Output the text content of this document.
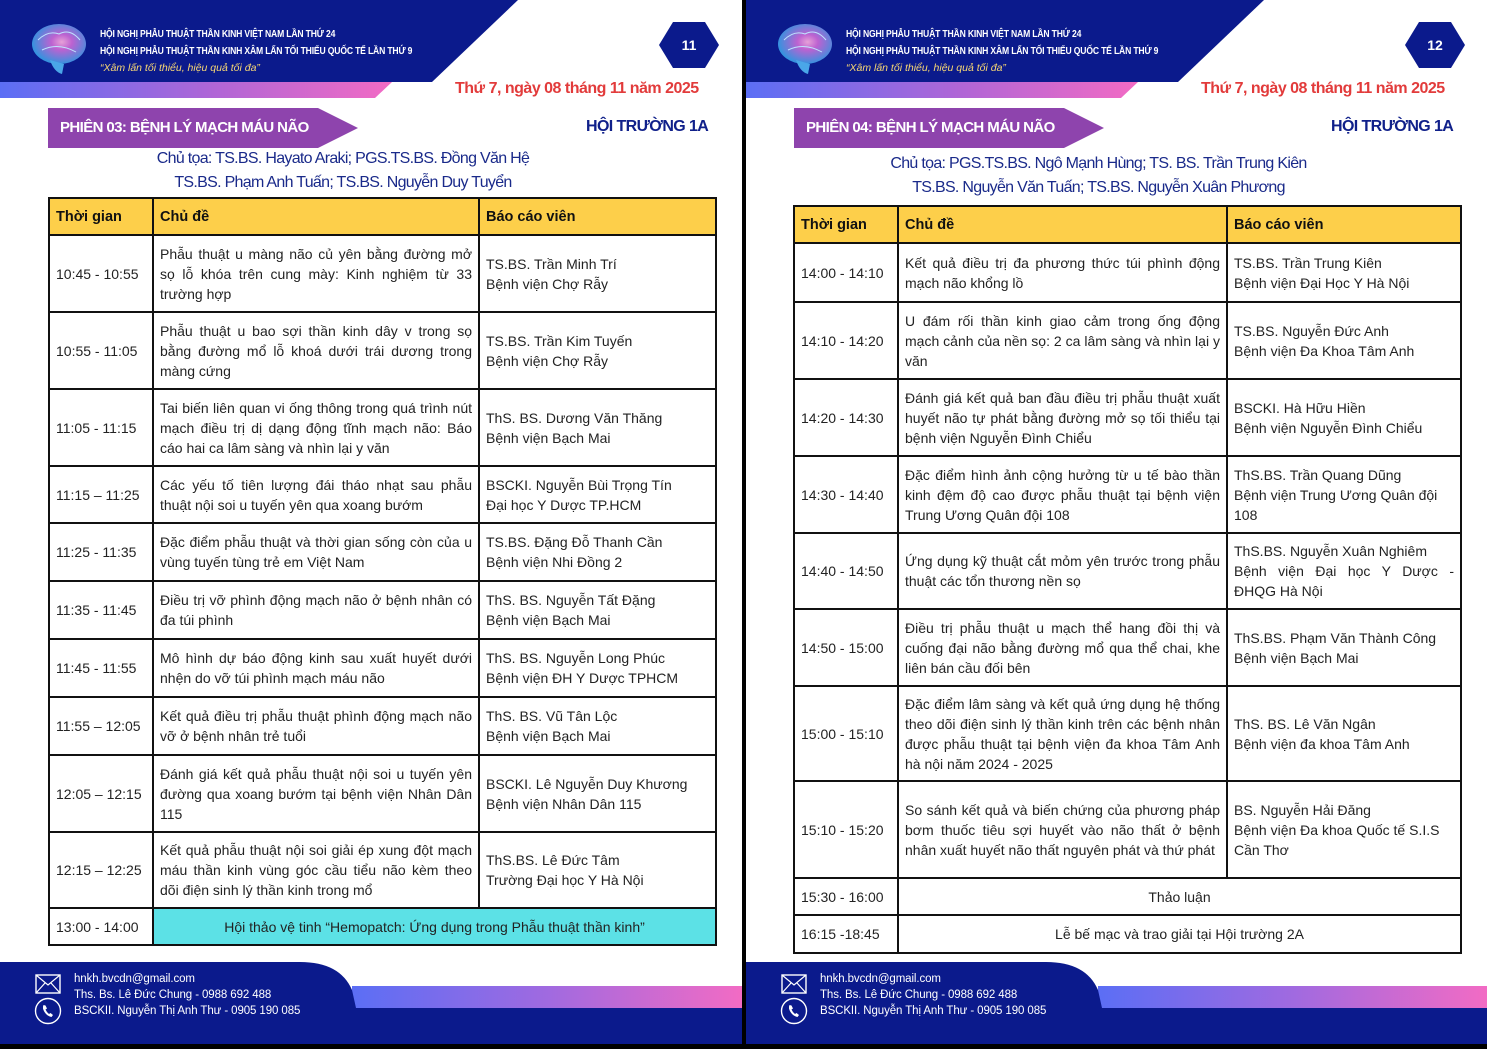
HỘI NGHỊ PHẪU THUẬT THẦN KINH VIỆT NAM LẦN THỨ 24
HỘI NGHỊ PHẪU THUẬT THẦN KINH XÂM LẤN TỐI THIỂU QUỐC TẾ LẦN THỨ 9
“Xâm lấn tối thiểu, hiệu quả tối đa”
11
Thứ 7, ngày 08 tháng 11 năm 2025
PHIÊN 03: BỆNH LÝ MẠCH MÁU NÃO	HỘI TRƯỜNG 1A
Chủ tọa: TS.BS. Hayato Araki; PGS.TS.BS. Đồng Văn Hệ
TS.BS. Phạm Anh Tuấn; TS.BS. Nguyễn Duy Tuyển
Thời gian	Chủ đề	Báo cáo viên
10:45 - 10:55	Phẫu thuật u màng não củ yên bằng đường mở sọ lỗ khóa trên cung mày: Kinh nghiệm từ 33 trường hợp	TS.BS. Trần Minh Trí
Bệnh viện Chợ Rẫy

10:55 - 11:05	Phẫu thuật u bao sợi thần kinh dây v trong sọ bằng đường mổ lỗ khoá dưới trái dương trong màng cứng	TS.BS. Trần Kim Tuyến
Bệnh viện Chợ Rẫy

11:05 - 11:15	Tai biến liên quan vi ống thông trong quá trình nút mạch điều trị dị dạng động tĩnh mạch não: Báo cáo hai ca lâm sàng và nhìn lại y văn	ThS. BS. Dương Văn Thăng
Bệnh viện Bạch Mai

11:15 – 11:25	Các yếu tố tiên lượng đái tháo nhạt sau phẫu thuật nội soi u tuyến yên qua xoang bướm	BSCKI. Nguyễn Bùi Trọng Tín
Đại học Y Dược TP.HCM

11:25 - 11:35	Đặc điểm phẫu thuật và thời gian sống còn của u vùng tuyến tùng trẻ em Việt Nam	TS.BS. Đặng Đỗ Thanh Cần
Bệnh viện Nhi Đồng 2

11:35 - 11:45	Điều trị vỡ phình động mạch não ở bệnh nhân có đa túi phình	ThS. BS. Nguyễn Tất Đặng
Bệnh viện Bạch Mai

11:45 - 11:55	Mô hình dự báo động kinh sau xuất huyết dưới nhện do vỡ túi phình mạch máu não	ThS. BS. Nguyễn Long Phúc
Bệnh viện ĐH Y Dược TPHCM

11:55 – 12:05	Kết quả điều trị phẫu thuật phình động mạch não vỡ ở bệnh nhân trẻ tuổi	ThS. BS. Vũ Tân Lộc
Bệnh viện Bạch Mai

12:05 – 12:15	Đánh giá kết quả phẫu thuật nội soi u tuyến yên đường qua xoang bướm tại bệnh viện Nhân Dân 115	BSCKI. Lê Nguyễn Duy Khương
Bệnh viện Nhân Dân 115

12:15 – 12:25	Kết quả phẫu thuật nội soi giải ép xung đột mạch máu thần kinh vùng góc cầu tiểu não kèm theo dõi điện sinh lý thần kinh trong mổ	ThS.BS. Lê Đức Tâm
Trường Đại học Y Hà Nội

13:00 - 14:00	Hội thảo vệ tinh “Hemopatch: Ứng dụng trong Phẫu thuật thần kinh”	
hnkh.bvcdn@gmail.com
Ths. Bs. Lê Đức Chung - 0988 692 488
BSCKII. Nguyễn Thị Anh Thư - 0905 190 085
HỘI NGHỊ PHẪU THUẬT THẦN KINH VIỆT NAM LẦN THỨ 24
HỘI NGHỊ PHẪU THUẬT THẦN KINH XÂM LẤN TỐI THIỂU QUỐC TẾ LẦN THỨ 9
“Xâm lấn tối thiểu, hiệu quả tối đa”
12
Thứ 7, ngày 08 tháng 11 năm 2025
PHIÊN 04: BỆNH LÝ MẠCH MÁU NÃO	HỘI TRƯỜNG 1A
Chủ tọa: PGS.TS.BS. Ngô Mạnh Hùng; TS. BS. Trần Trung Kiên
TS.BS. Nguyễn Văn Tuấn; TS.BS. Nguyễn Xuân Phương
Thời gian	Chủ đề	Báo cáo viên
14:00 - 14:10	Kết quả điều trị đa phương thức túi phình động mạch não khổng lồ	TS.BS. Trần Trung Kiên
Bệnh viện Đại Học Y Hà Nội

14:10 - 14:20	U đám rối thần kinh giao cảm trong ống động mạch cảnh của nền sọ: 2 ca lâm sàng và nhìn lại y văn	TS.BS. Nguyễn Đức Anh
Bệnh viện Đa Khoa Tâm Anh

14:20 - 14:30	Đánh giá kết quả ban đầu điều trị phẫu thuật xuất huyết não tự phát bằng đường mở sọ tối thiểu tại bệnh viện Nguyễn Đình Chiểu	BSCKI. Hà Hữu Hiền
Bệnh viện Nguyễn Đình Chiểu

14:30 - 14:40	Đặc điểm hình ảnh cộng hưởng từ u tế bào thần kinh đệm độ cao được phẫu thuật tại bệnh viện Trung Ương Quân đội 108	ThS.BS. Trần Quang Dũng
Bệnh viện Trung Ương Quân đội 108

14:40 - 14:50	Ứng dụng kỹ thuật cắt mỏm yên trước trong phẫu thuật các tổn thương nền sọ	ThS.BS. Nguyễn Xuân Nghiêm
Bệnh viện Đại học Y Dược - ĐHQG Hà Nội

14:50 - 15:00	Điều trị phẫu thuật u mạch thể hang đồi thị và cuống đại não bằng đường mổ qua thể chai, khe liên bán cầu đối bên	ThS.BS. Phạm Văn Thành Công
Bệnh viện Bạch Mai

15:00 - 15:10	Đặc điểm lâm sàng và kết quả ứng dụng hệ thống theo dõi điện sinh lý thần kinh trên các bệnh nhân được phẫu thuật tại bệnh viện đa khoa Tâm Anh hà nội năm 2024 - 2025	ThS. BS. Lê Văn Ngân
Bệnh viện đa khoa Tâm Anh

15:10 - 15:20	So sánh kết quả và biến chứng của phương pháp bơm thuốc tiêu sợi huyết vào não thất ở bệnh nhân xuất huyết não thất nguyên phát và thứ phát	BS. Nguyễn Hải Đăng
Bệnh viện Đa khoa Quốc tế S.I.S Cần Thơ

15:30 - 16:00	Thảo luận	
16:15 -18:45	Lễ bế mạc và trao giải tại Hội trường 2A	
hnkh.bvcdn@gmail.com
Ths. Bs. Lê Đức Chung - 0988 692 488
BSCKII. Nguyễn Thị Anh Thư - 0905 190 085
